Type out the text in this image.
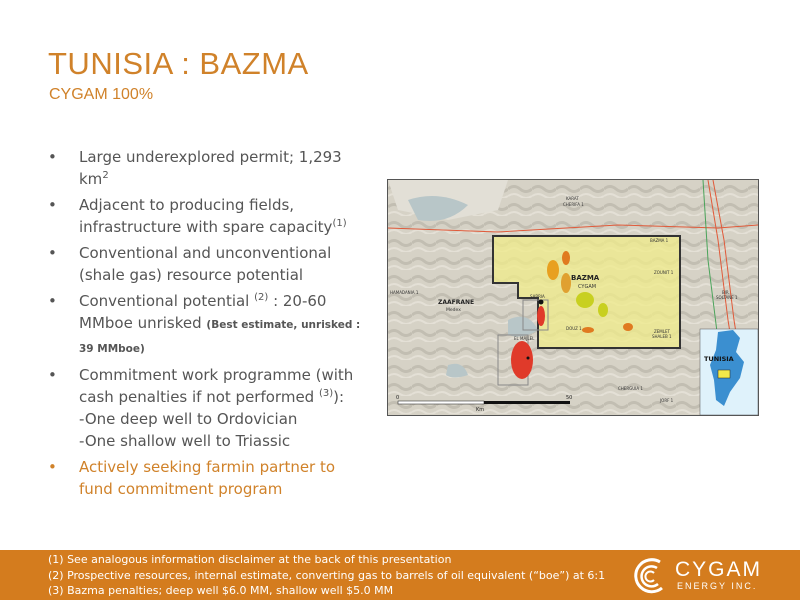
TUNISIA : BAZMA
CYGAM 100%
• Large underexplored permit; 1,293 $km^2$
• Adjacent to producing fields, infrastructure with spare capacity$^{(1)}$
• Conventional and unconventional (shale gas) resource potential
• Conventional potential $^{(2)}$ : 20-60 MMboe unrisked (Best estimate, unrisked : 39 MMboe)
• Commitment work programme (with cash penalties if not performed $^{(3)}$):
-One deep well to Ordovician
-One shallow well to Triassic
• Actively seeking farmin partner to fund commitment program
BAZMA
CYGAM
ZAAFRANE
Medex
KARAT
CHERIFA 1
BAZMA 1
ZOUNIT 1
ZEMLET
SHALEB 1
DOUZ 1
SABRIA
EL MAJLEL
BIR
SOLTANE 1
CHERGUIA 1
JORF 1
HAMADANIA 1
0	50
Km
TUNISIA
(1) See analogous information disclaimer at the back of this presentation
(2) Prospective resources, internal estimate, converting gas to barrels of oil equivalent (“boe”) at 6:1
(3) Bazma penalties; deep well $6.0 MM, shallow well $5.0 MM
CYGAM
ENERGY INC.
